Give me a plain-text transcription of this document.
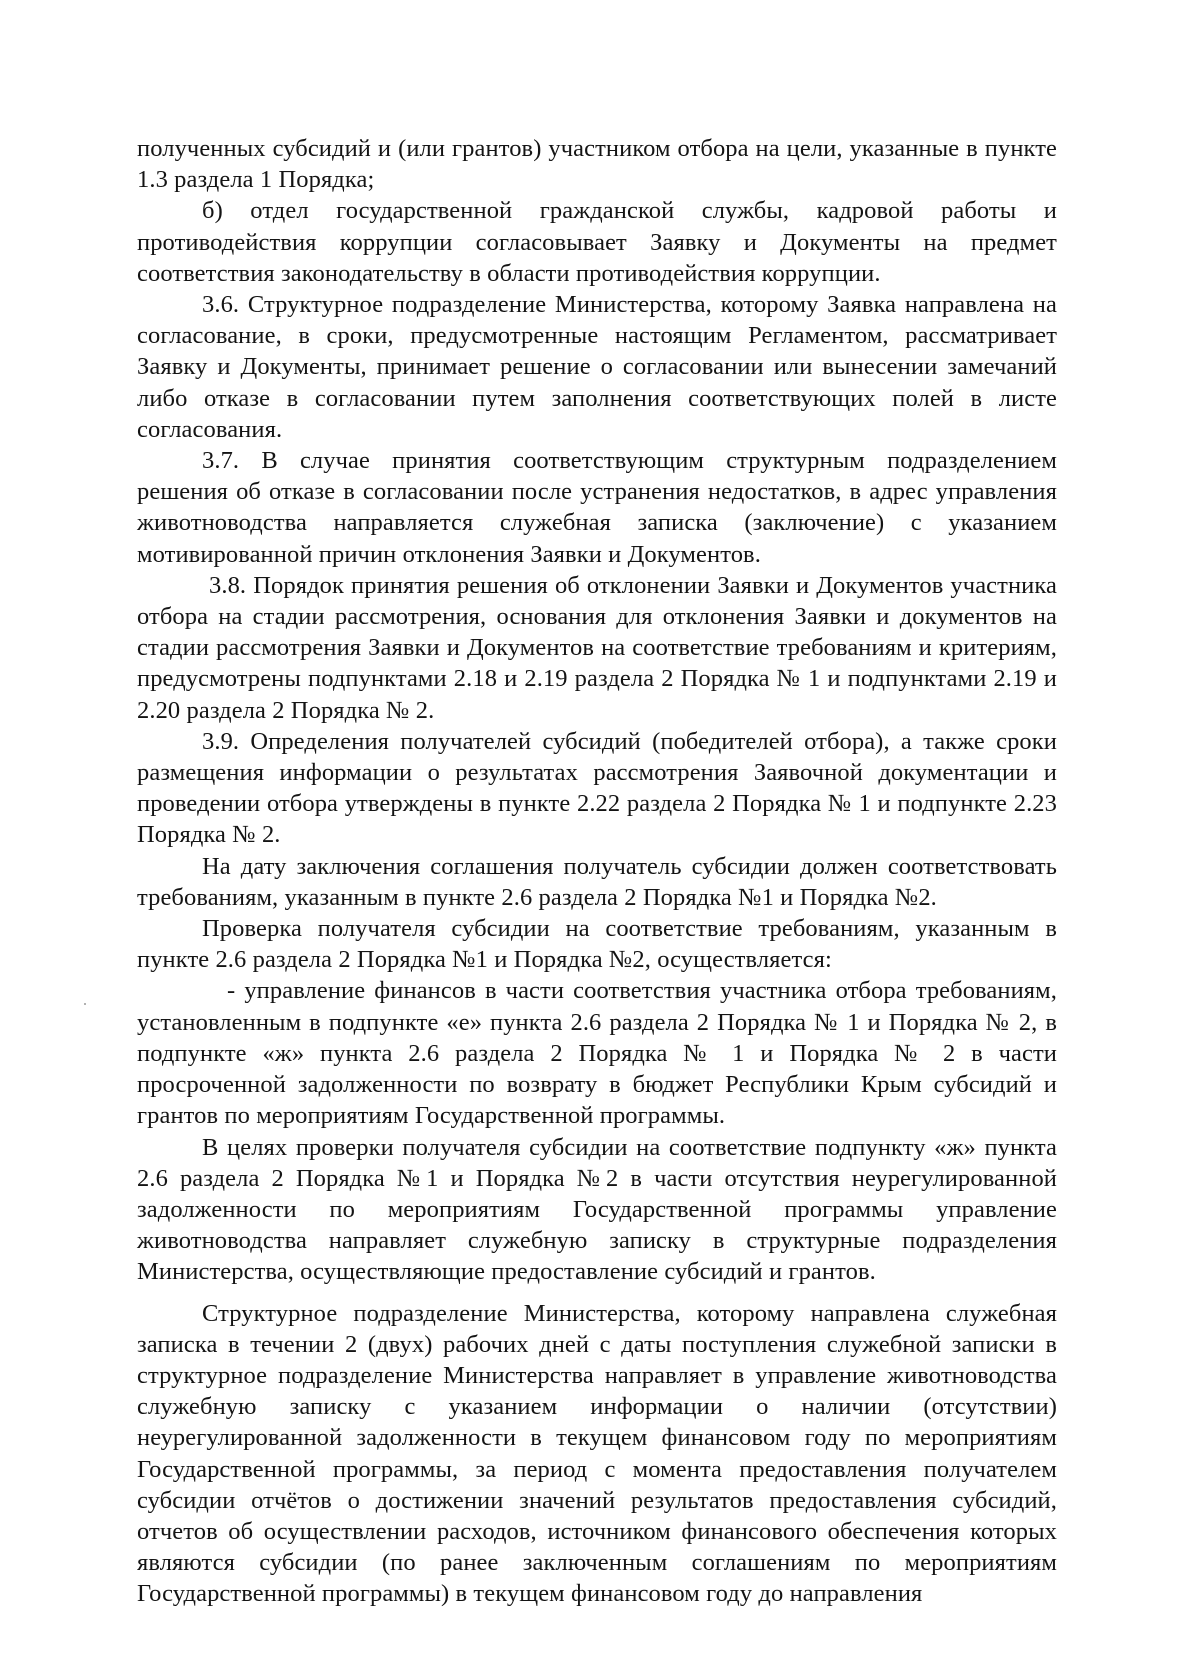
полученных субсидий и (или грантов) участником отбора на цели, указанные в пункте 1.3 раздела 1 Порядка;

б) отдел государственной гражданской службы, кадровой работы и противодействия коррупции согласовывает Заявку и Документы на предмет соответствия законодательству в области противодействия коррупции.

3.6. Структурное подразделение Министерства, которому Заявка направлена на согласование, в сроки, предусмотренные настоящим Регламентом, рассматривает Заявку и Документы, принимает решение о согласовании или вынесении замечаний либо отказе в согласовании путем заполнения соответствующих полей в листе согласования.

3.7. В случае принятия соответствующим структурным подразделением решения об отказе в согласовании после устранения недостатков, в адрес управления животноводства направляется служебная записка (заключение) с указанием мотивированной причин отклонения Заявки и Документов.

3.8. Порядок принятия решения об отклонении Заявки и Документов участника отбора на стадии рассмотрения, основания для отклонения Заявки и документов на стадии рассмотрения Заявки и Документов на соответствие требованиям и критериям, предусмотрены подпунктами 2.18 и 2.19 раздела 2 Порядка № 1 и подпунктами 2.19 и 2.20 раздела 2 Порядка № 2.

3.9. Определения получателей субсидий (победителей отбора), а также сроки размещения информации о результатах рассмотрения Заявочной документации и проведении отбора утверждены в пункте 2.22 раздела 2 Порядка № 1 и подпункте 2.23 Порядка № 2.

На дату заключения соглашения получатель субсидии должен соответствовать требованиям, указанным в пункте 2.6 раздела 2 Порядка №1 и Порядка №2.

Проверка получателя субсидии на соответствие требованиям, указанным в пункте 2.6 раздела 2 Порядка №1 и Порядка №2, осуществляется:

- управление финансов в части соответствия участника отбора требованиям, установленным в подпункте «е» пункта 2.6 раздела 2 Порядка № 1 и Порядка № 2, в подпункте «ж» пункта 2.6 раздела 2 Порядка № 1 и Порядка № 2 в части просроченной задолженности по возврату в бюджет Республики Крым субсидий и грантов по мероприятиям Государственной программы.

В целях проверки получателя субсидии на соответствие подпункту «ж» пункта 2.6 раздела 2 Порядка №1 и Порядка №2 в части отсутствия неурегулированной задолженности по мероприятиям Государственной программы управление животноводства направляет служебную записку в структурные подразделения Министерства, осуществляющие предоставление субсидий и грантов.

Структурное подразделение Министерства, которому направлена служебная записка в течении 2 (двух) рабочих дней с даты поступления служебной записки в структурное подразделение Министерства направляет в управление животноводства служебную записку с указанием информации о наличии (отсутствии) неурегулированной задолженности в текущем финансовом году по мероприятиям Государственной программы, за период с момента предоставления получателем субсидии отчётов о достижении значений результатов предоставления субсидий, отчетов об осуществлении расходов, источником финансового обеспечения которых являются субсидии (по ранее заключенным соглашениям по мероприятиям Государственной программы) в текущем финансовом году до направления
